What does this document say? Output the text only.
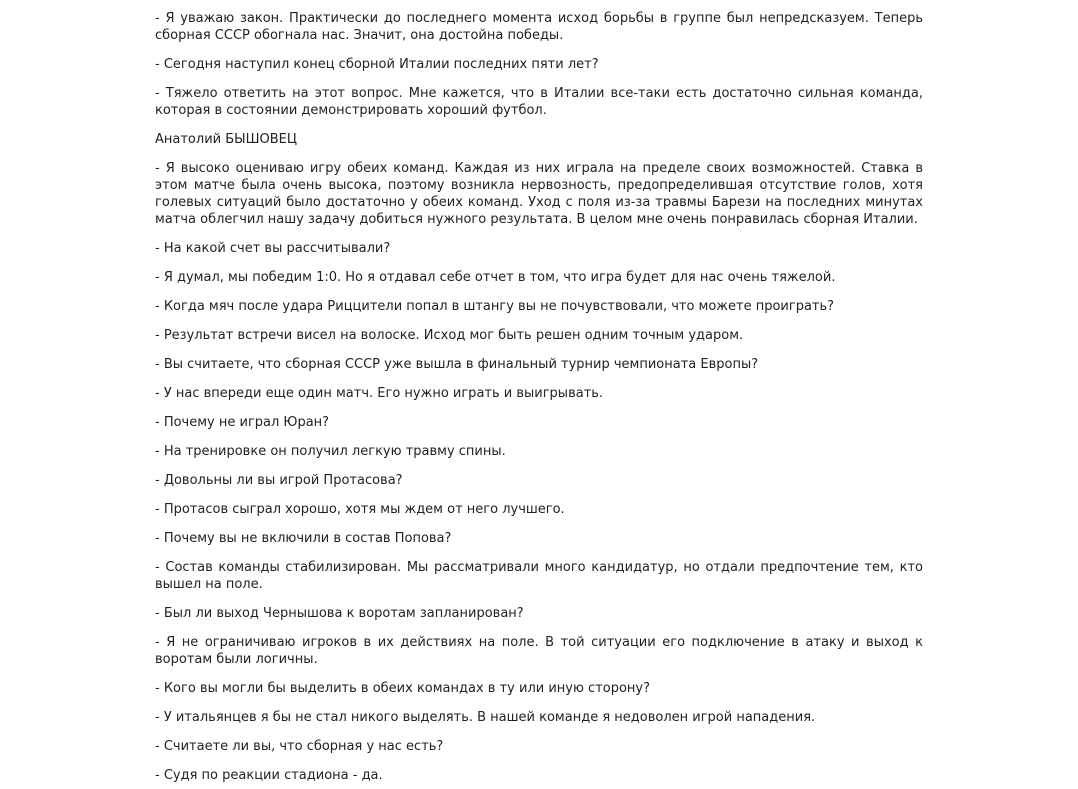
- Я уважаю закон. Практически до последнего момента исход борьбы в группе был непредсказуем. Теперь сборная СССР обогнала нас. Значит, она достойна победы.

- Сегодня наступил конец сборной Италии последних пяти лет?

- Тяжело ответить на этот вопрос. Мне кажется, что в Италии все-таки есть достаточно сильная команда, которая в состоянии демонстрировать хороший футбол.

Анатолий БЫШОВЕЦ

- Я высоко оцениваю игру обеих команд. Каждая из них играла на пределе своих возможностей. Ставка в этом матче была очень высока, поэтому возникла нервозность, предопределившая отсутствие голов, хотя голевых ситуаций было достаточно у обеих команд. Уход с поля из-за травмы Барези на последних минутах матча облегчил нашу задачу добиться нужного результата. В целом мне очень понравилась сборная Италии.

- На какой счет вы рассчитывали?

- Я думал, мы победим 1:0. Но я отдавал себе отчет в том, что игра будет для нас очень тяжелой.

- Когда мяч после удара Риццители попал в штангу вы не почувствовали, что можете проиграть?

- Результат встречи висел на волоске. Исход мог быть решен одним точным ударом.

- Вы считаете, что сборная СССР уже вышла в финальный турнир чемпионата Европы?

- У нас впереди еще один матч. Его нужно играть и выигрывать.

- Почему не играл Юран?

- На тренировке он получил легкую травму спины.

- Довольны ли вы игрой Протасова?

- Протасов сыграл хорошо, хотя мы ждем от него лучшего.

- Почему вы не включили в состав Попова?

- Состав команды стабилизирован. Мы рассматривали много кандидатур, но отдали предпочтение тем, кто вышел на поле.

- Был ли выход Чернышова к воротам запланирован?

- Я не ограничиваю игроков в их действиях на поле. В той ситуации его подключение в атаку и выход к воротам были логичны.

- Кого вы могли бы выделить в обеих командах в ту или иную сторону?

- У итальянцев я бы не стал никого выделять. В нашей команде я недоволен игрой нападения.

- Считаете ли вы, что сборная у нас есть?

- Судя по реакции стадиона - да.
